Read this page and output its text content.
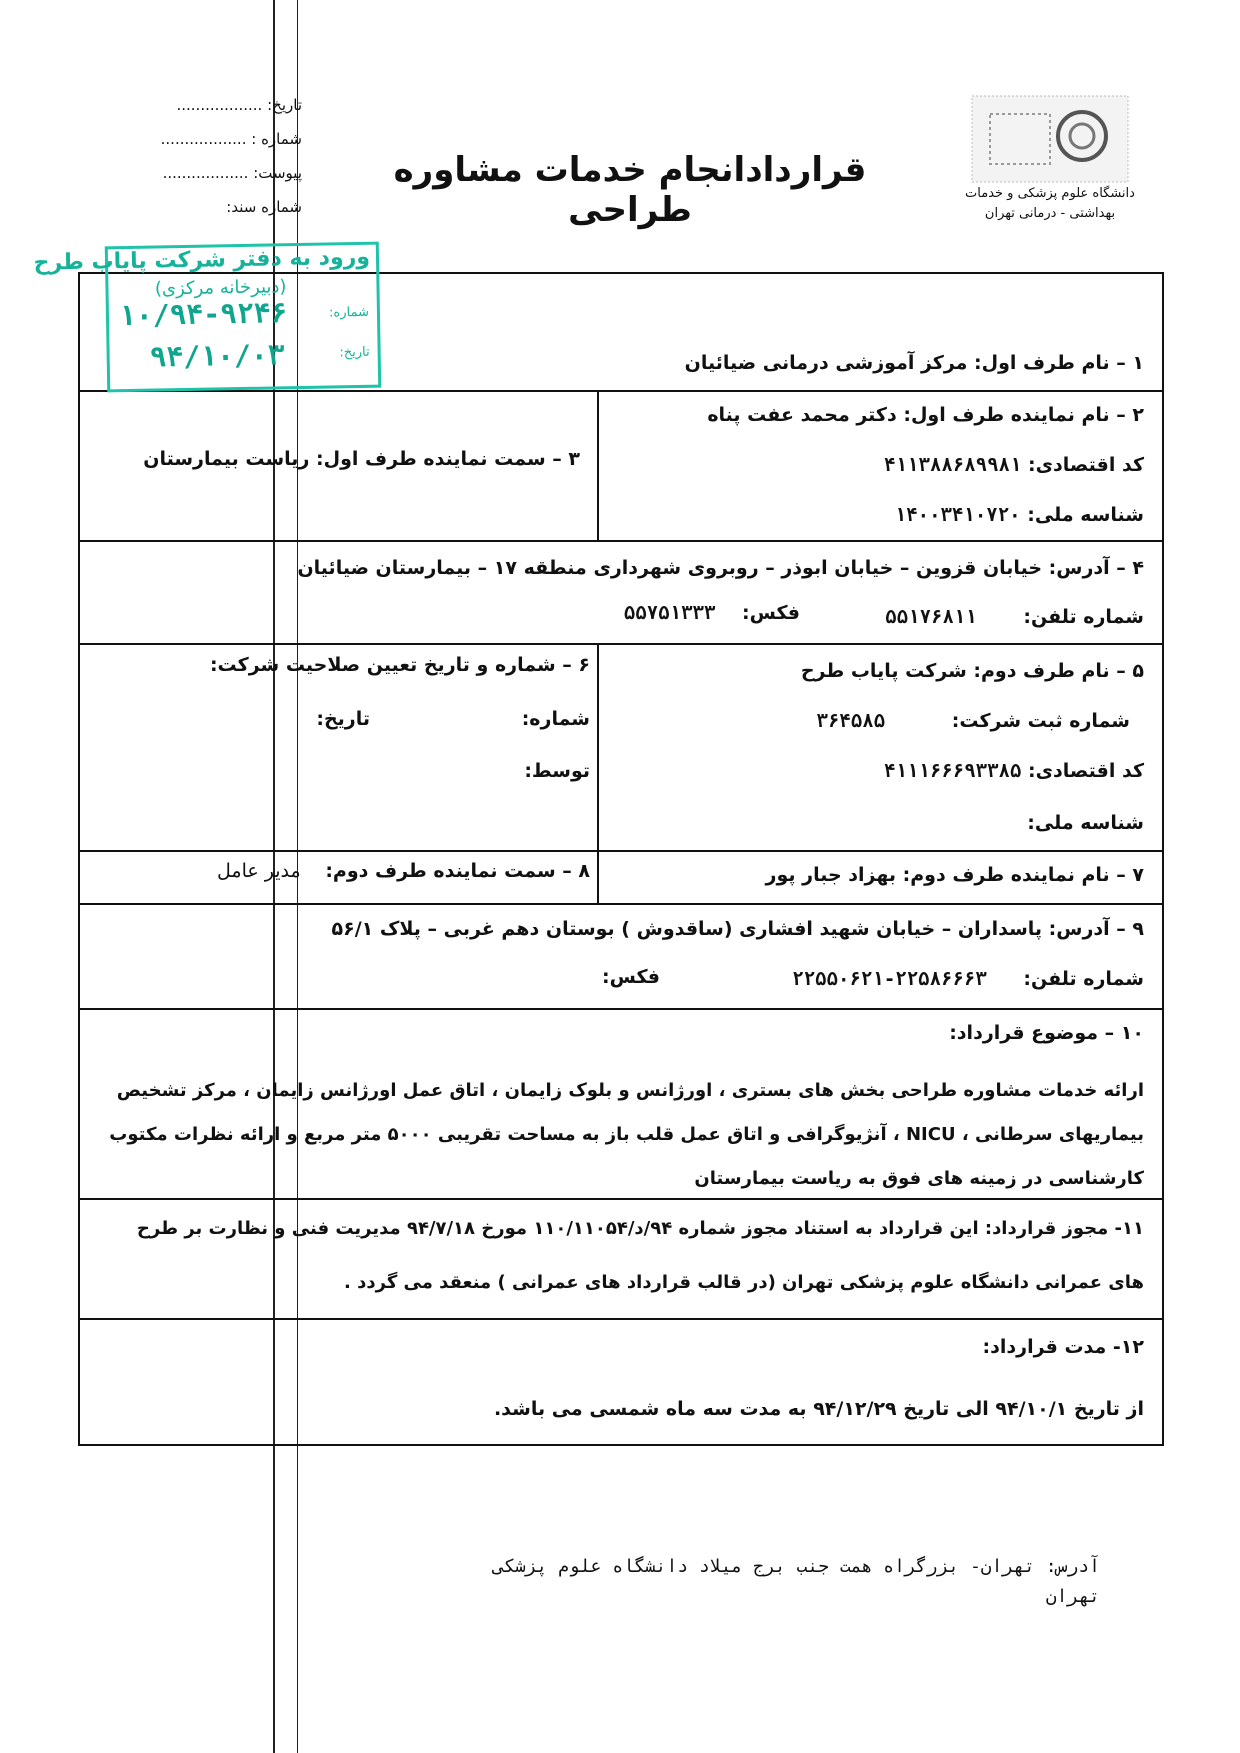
تاریخ: ..................
شماره : ..................
پیوست: ..................
شماره سند:
قراردادانجام خدمات مشاوره طراحی	دانشگاه علوم پزشکی و خدمات
بهداشتی - درمانی تهران
ورود به دفتر شرکت پایاب طرح
(دبیرخانه مرکزی)
شماره:
تاریخ:
۱۰/۹۴-۹۲۴۶
۹۴/۱۰/۰۳	۱ – نام طرف اول: مرکز آموزشی درمانی ضیائیان
۲ – نام نماینده طرف اول: دکتر محمد عفت پناه
کد اقتصادی: ۴۱۱۳۸۸۶۸۹۹۸۱
شناسه ملی: ۱۴۰۰۳۴۱۰۷۲۰
۳ – سمت نماینده طرف اول: ریاست بیمارستان
۴ – آدرس: خیابان قزوین – خیابان ابوذر – روبروی شهرداری منطقه ۱۷ – بیمارستان ضیائیان
شماره تلفن: ۵۵۱۷۶۸۱۱
فکس: ۵۵۷۵۱۳۳۳
۵ – نام طرف دوم: شرکت پایاب طرح
شماره ثبت شرکت: ۳۶۴۵۸۵
کد اقتصادی: ۴۱۱۱۶۶۶۹۳۳۸۵
شناسه ملی:
۶ – شماره و تاریخ تعیین صلاحیت شرکت:
شماره:
تاریخ:
توسط:
۷ – نام نماینده طرف دوم: بهزاد جبار پور
۸ – سمت نماینده طرف دوم: مدیر عامل
۹ – آدرس: پاسداران – خیابان شهید افشاری (ساقدوش ) بوستان دهم غربی – پلاک ۵۶/۱
شماره تلفن: ۲۲۵۸۶۶۶۳-۲۲۵۵۰۶۲۱
فکس:
۱۰ – موضوع قرارداد:
ارائه خدمات مشاوره طراحی بخش های بستری ، اورژانس و بلوک زایمان ، اتاق عمل اورژانس زایمان ، مرکز تشخیص
بیماریهای سرطانی ، NICU ، آنژیوگرافی و اتاق عمل قلب باز به مساحت تقریبی ۵۰۰۰ متر مربع و ارائه نظرات مکتوب
کارشناسی در زمینه های فوق به ریاست بیمارستان
۱۱- مجوز قرارداد: این قرارداد به استناد مجوز شماره ۹۴/د/۱۱۰/۱۱۰۵۴ مورخ ۹۴/۷/۱۸ مدیریت فنی و نظارت بر طرح
های عمرانی دانشگاه علوم پزشکی تهران (در قالب قرارداد های عمرانی ) منعقد می گردد .
۱۲- مدت قرارداد:
از تاریخ ۹۴/۱۰/۱ الی تاریخ ۹۴/۱۲/۲۹ به مدت سه ماه شمسی می باشد.
آدرس: تهران- بزرگراه همت جنب برج میلاد دانشگاه علوم پزشکی
تهران
